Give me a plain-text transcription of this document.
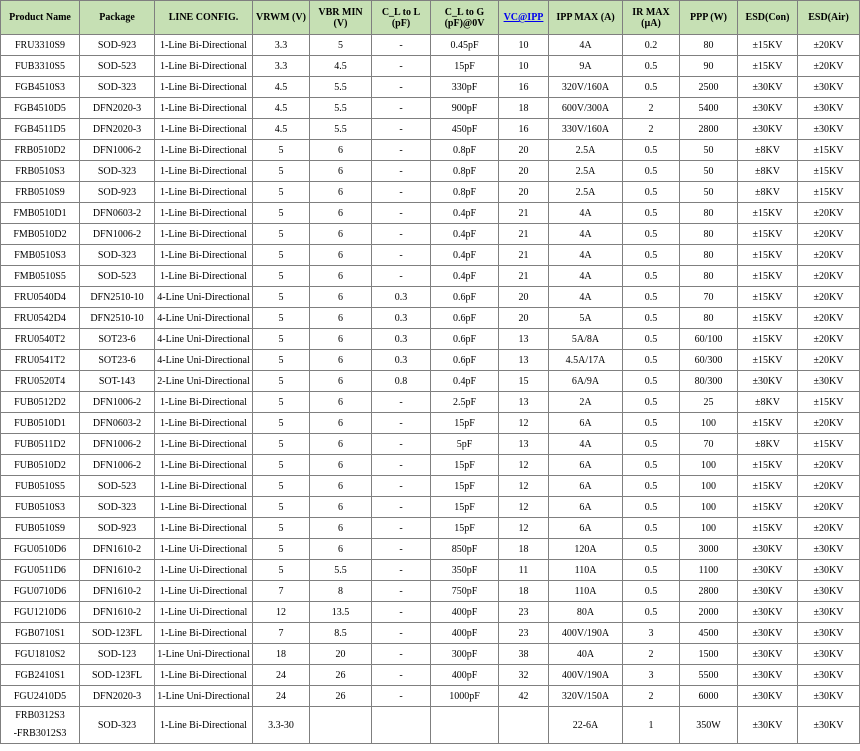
Product Name	Package	LINE CONFIG.	VRWM (V)	VBR MIN (V)	C_L to L (pF)	C_L to G (pF)@0V	VC@IPP	IPP MAX (A)	IR MAX (µA)	PPP (W)	ESD(Con)	ESD(Air)
FRU3310S9	SOD-923	1-Line Bi-Directional	3.3	5	-	0.45pF	10	4A	0.2	80	±15KV	±20KV
FUB3310S5	SOD-523	1-Line Bi-Directional	3.3	4.5	-	15pF	10	9A	0.5	90	±15KV	±20KV
FGB4510S3	SOD-323	1-Line Bi-Directional	4.5	5.5	-	330pF	16	320V/160A	0.5	2500	±30KV	±30KV
FGB4510D5	DFN2020-3	1-Line Bi-Directional	4.5	5.5	-	900pF	18	600V/300A	2	5400	±30KV	±30KV
FGB4511D5	DFN2020-3	1-Line Bi-Directional	4.5	5.5	-	450pF	16	330V/160A	2	2800	±30KV	±30KV
FRB0510D2	DFN1006-2	1-Line Bi-Directional	5	6	-	0.8pF	20	2.5A	0.5	50	±8KV	±15KV
FRB0510S3	SOD-323	1-Line Bi-Directional	5	6	-	0.8pF	20	2.5A	0.5	50	±8KV	±15KV
FRB0510S9	SOD-923	1-Line Bi-Directional	5	6	-	0.8pF	20	2.5A	0.5	50	±8KV	±15KV
FMB0510D1	DFN0603-2	1-Line Bi-Directional	5	6	-	0.4pF	21	4A	0.5	80	±15KV	±20KV
FMB0510D2	DFN1006-2	1-Line Bi-Directional	5	6	-	0.4pF	21	4A	0.5	80	±15KV	±20KV
FMB0510S3	SOD-323	1-Line Bi-Directional	5	6	-	0.4pF	21	4A	0.5	80	±15KV	±20KV
FMB0510S5	SOD-523	1-Line Bi-Directional	5	6	-	0.4pF	21	4A	0.5	80	±15KV	±20KV
FRU0540D4	DFN2510-10	4-Line Uni-Directional	5	6	0.3	0.6pF	20	4A	0.5	70	±15KV	±20KV
FRU0542D4	DFN2510-10	4-Line Uni-Directional	5	6	0.3	0.6pF	20	5A	0.5	80	±15KV	±20KV
FRU0540T2	SOT23-6	4-Line Uni-Directional	5	6	0.3	0.6pF	13	5A/8A	0.5	60/100	±15KV	±20KV
FRU0541T2	SOT23-6	4-Line Uni-Directional	5	6	0.3	0.6pF	13	4.5A/17A	0.5	60/300	±15KV	±20KV
FRU0520T4	SOT-143	2-Line Uni-Directional	5	6	0.8	0.4pF	15	6A/9A	0.5	80/300	±30KV	±30KV
FUB0512D2	DFN1006-2	1-Line Bi-Directional	5	6	-	2.5pF	13	2A	0.5	25	±8KV	±15KV
FUB0510D1	DFN0603-2	1-Line Bi-Directional	5	6	-	15pF	12	6A	0.5	100	±15KV	±20KV
FUB0511D2	DFN1006-2	1-Line Bi-Directional	5	6	-	5pF	13	4A	0.5	70	±8KV	±15KV
FUB0510D2	DFN1006-2	1-Line Bi-Directional	5	6	-	15pF	12	6A	0.5	100	±15KV	±20KV
FUB0510S5	SOD-523	1-Line Bi-Directional	5	6	-	15pF	12	6A	0.5	100	±15KV	±20KV
FUB0510S3	SOD-323	1-Line Bi-Directional	5	6	-	15pF	12	6A	0.5	100	±15KV	±20KV
FUB0510S9	SOD-923	1-Line Bi-Directional	5	6	-	15pF	12	6A	0.5	100	±15KV	±20KV
FGU0510D6	DFN1610-2	1-Line Ui-Directional	5	6	-	850pF	18	120A	0.5	3000	±30KV	±30KV
FGU0511D6	DFN1610-2	1-Line Ui-Directional	5	5.5	-	350pF	11	110A	0.5	1100	±30KV	±30KV
FGU0710D6	DFN1610-2	1-Line Ui-Directional	7	8	-	750pF	18	110A	0.5	2800	±30KV	±30KV
FGU1210D6	DFN1610-2	1-Line Ui-Directional	12	13.5	-	400pF	23	80A	0.5	2000	±30KV	±30KV
FGB0710S1	SOD-123FL	1-Line Bi-Directional	7	8.5	-	400pF	23	400V/190A	3	4500	±30KV	±30KV
FGU1810S2	SOD-123	1-Line Uni-Directional	18	20	-	300pF	38	40A	2	1500	±30KV	±30KV
FGB2410S1	SOD-123FL	1-Line Bi-Directional	24	26	-	400pF	32	400V/190A	3	5500	±30KV	±30KV
FGU2410D5	DFN2020-3	1-Line Uni-Directional	24	26	-	1000pF	42	320V/150A	2	6000	±30KV	±30KV

FRB0312S3
-FRB3012S3	SOD-323	1-Line Bi-Directional	3.3-30					22-6A	1	350W	±30KV	±30KV
